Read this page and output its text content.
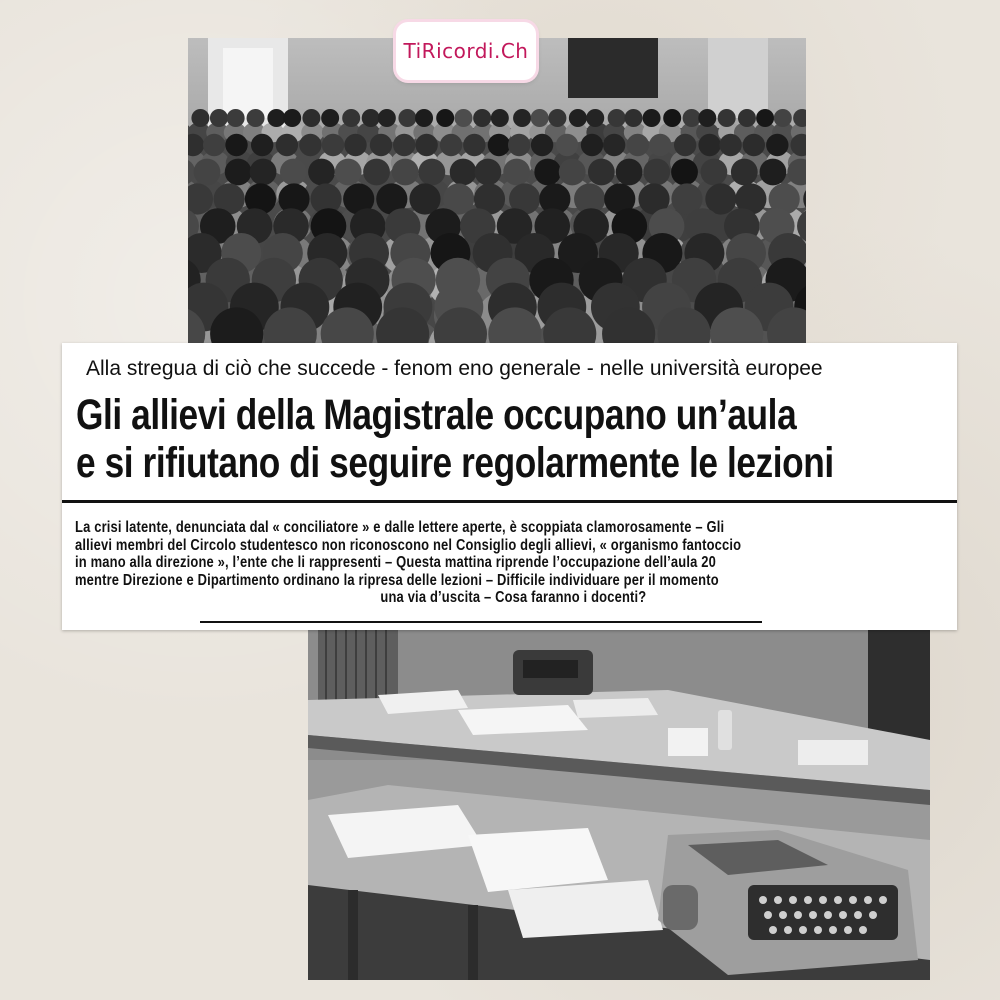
TiRicordi.Ch
Alla stregua di ciò che succede - fenom eno generale - nelle università europee
Gli allievi della Magistrale occupano un’aula
e si rifiutano di seguire regolarmente le lezioni
La crisi latente, denunciata dal « conciliatore » e dalle lettere aperte, è scoppiata clamorosamente – Gli
allievi membri del Circolo studentesco non riconoscono nel Consiglio degli allievi, « organismo fantoccio
in mano alla direzione », l’ente che li rappresenti – Questa mattina riprende l’occupazione dell’aula 20
mentre Direzione e Dipartimento ordinano la ripresa delle lezioni – Difficile individuare per il momento
una via d’uscita – Cosa faranno i docenti?
